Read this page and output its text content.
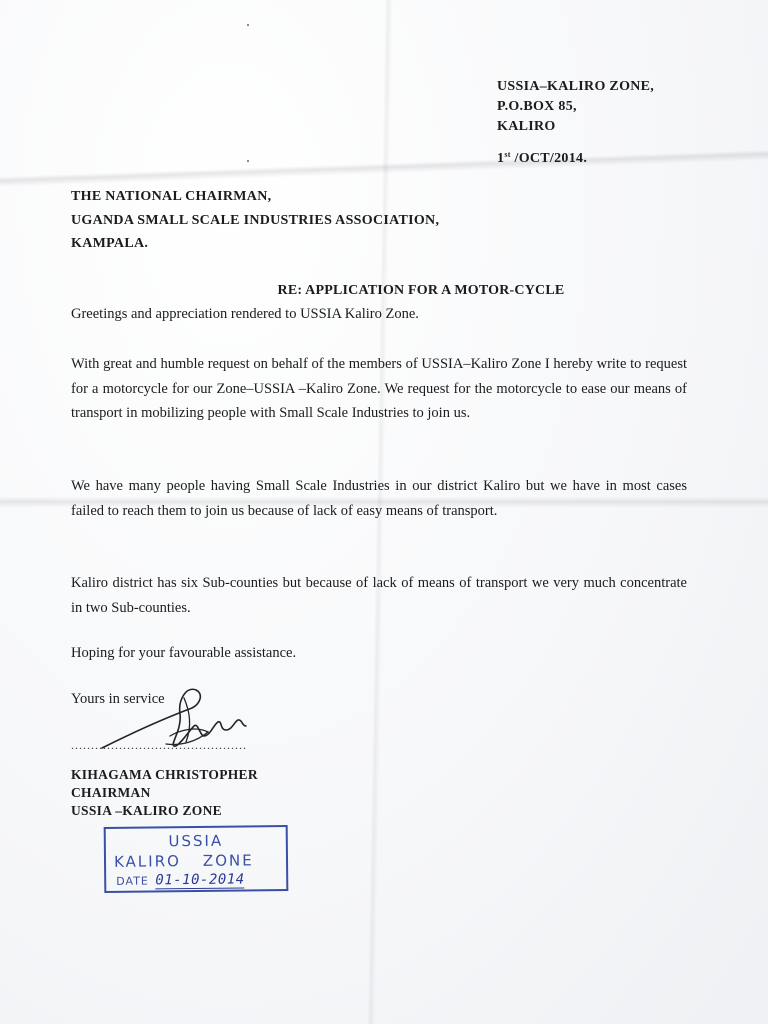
USSIA–KALIRO ZONE,
P.O.BOX 85,
KALIRO
1st /OCT/2014.
THE NATIONAL CHAIRMAN,
UGANDA SMALL SCALE INDUSTRIES ASSOCIATION,
KAMPALA.
RE: APPLICATION FOR A MOTOR-CYCLE
Greetings and appreciation rendered to USSIA Kaliro Zone.
With great and humble request on behalf of the members of USSIA–Kaliro Zone I hereby write to request for a motorcycle for our Zone–USSIA –Kaliro Zone. We request for the motorcycle to ease our means of transport in mobilizing people with Small Scale Industries to join us.
We have many people having Small Scale Industries in our district Kaliro but we have in most cases failed to reach them to join us because of lack of easy means of transport.
Kaliro district has six Sub-counties but because of lack of means of transport we very much concentrate in two Sub-counties.
Hoping for your favourable assistance.
Yours in service
............................................
KIHAGAMA CHRISTOPHER
CHAIRMAN
USSIA –KALIRO ZONE
USSIA
KALIRO ZONE
DATE 01-10-2014
